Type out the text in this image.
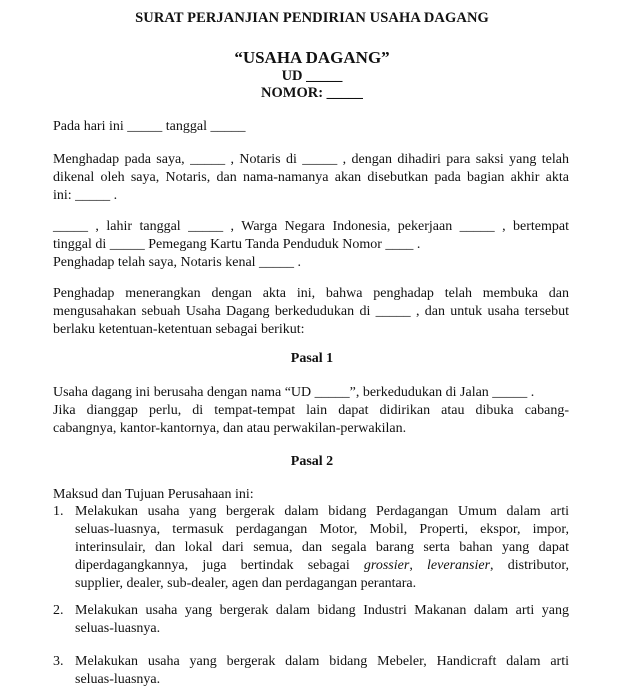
SURAT PERJANJIAN PENDIRIAN USAHA DAGANG
“USAHA DAGANG”
UD _____
NOMOR: _____
Pada hari ini _____ tanggal _____
Menghadap pada saya, _____ , Notaris di _____ , dengan dihadiri para saksi yang telah
dikenal oleh saya, Notaris, dan nama-namanya akan disebutkan pada bagian akhir akta
ini: _____ .
_____ , lahir tanggal _____ , Warga Negara Indonesia, pekerjaan _____ , bertempat
tinggal di _____ Pemegang Kartu Tanda Penduduk Nomor ____ .
Penghadap telah saya, Notaris kenal _____ .
Penghadap menerangkan dengan akta ini, bahwa penghadap telah membuka dan
mengusahakan sebuah Usaha Dagang berkedudukan di _____ , dan untuk usaha tersebut
berlaku ketentuan-ketentuan sebagai berikut:
Pasal 1
Usaha dagang ini berusaha dengan nama “UD _____”, berkedudukan di Jalan _____ .
Jika dianggap perlu, di tempat-tempat lain dapat didirikan atau dibuka cabang-
cabangnya, kantor-kantornya, dan atau perwakilan-perwakilan.
Pasal 2
Maksud dan Tujuan Perusahaan ini:
1. Melakukan usaha yang bergerak dalam bidang Perdagangan Umum dalam arti
seluas-luasnya, termasuk perdagangan Motor, Mobil, Properti, ekspor, impor,
interinsulair, dan lokal dari semua, dan segala barang serta bahan yang dapat
diperdagangkannya, juga bertindak sebagai grossier, leveransier, distributor,
supplier, dealer, sub-dealer, agen dan perdagangan perantara.
2. Melakukan usaha yang bergerak dalam bidang Industri Makanan dalam arti yang
seluas-luasnya.
3. Melakukan usaha yang bergerak dalam bidang Mebeler, Handicraft dalam arti
seluas-luasnya.
